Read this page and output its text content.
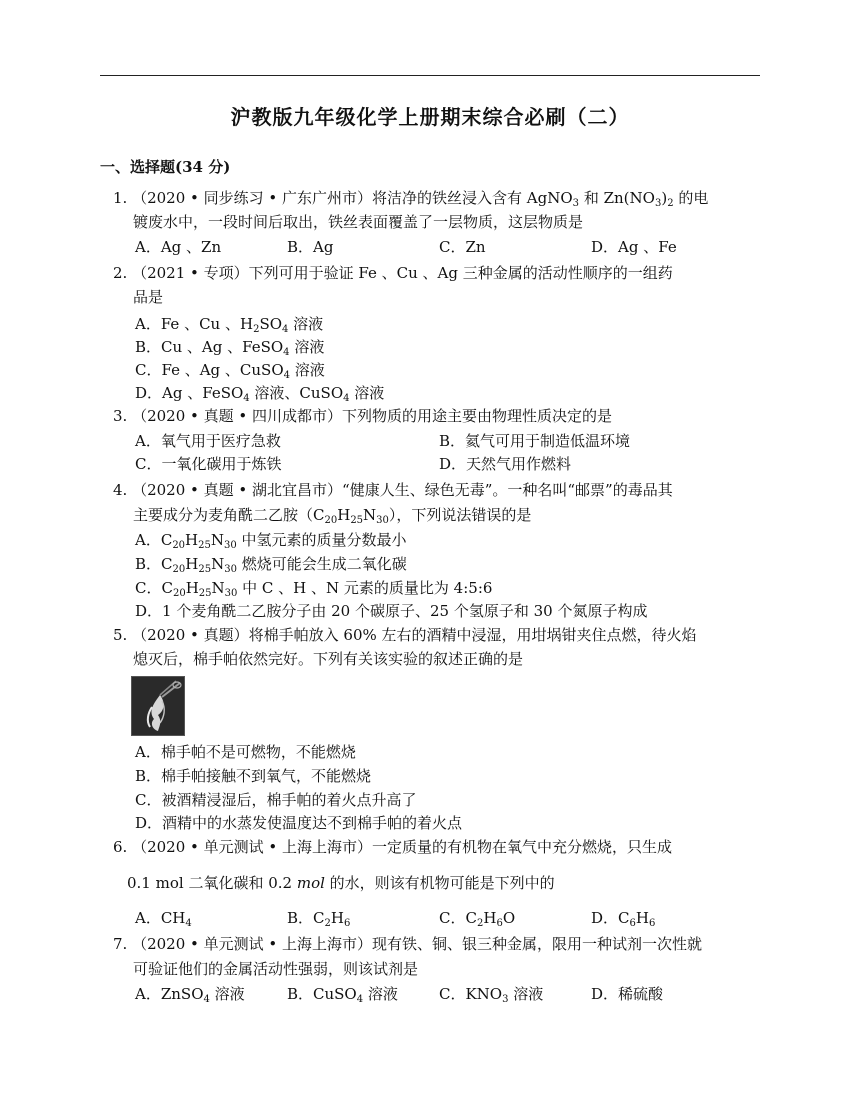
沪教版九年级化学上册期末综合必刷（二）
一、选择题(34 分)
1. （2020 • 同步练习 • 广东广州市）将洁净的铁丝浸入含有 AgNO$_3$ 和 $Zn(NO_3)_2$ 的电
镀废水中，一段时间后取出，铁丝表面覆盖了一层物质，这层物质是
A．Ag 、Zn	B．Ag	C．Zn	D．Ag 、Fe
2. （2021 • 专项）下列可用于验证 Fe 、Cu 、Ag 三种金属的活动性顺序的一组药
品是
A．Fe 、Cu 、$H_2SO_4$ 溶液
B．Cu 、Ag 、FeSO$_4$ 溶液
C．Fe 、Ag 、CuSO$_4$ 溶液
D．Ag 、FeSO$_4$ 溶液、CuSO$_4$ 溶液
3. （2020 • 真题 • 四川成都市）下列物质的用途主要由物理性质决定的是
A．氧气用于医疗急救	B．氦气可用于制造低温环境
C．一氧化碳用于炼铁	D．天然气用作燃料
4. （2020 • 真题 • 湖北宜昌市）“健康人生、绿色无毒”。一种名叫“邮票”的毒品其
主要成分为麦角酰二乙胺$(C_{20}H_{25}N_{30})$，下列说法错误的是
A．$C_{20}H_{25}N_{30}$ 中氢元素的质量分数最小
B．$C_{20}H_{25}N_{30}$ 燃烧可能会生成二氧化碳
C．$C_{20}H_{25}N_{30}$ 中 C 、H 、N 元素的质量比为 4:5:6
D．1 个麦角酰二乙胺分子由 20 个碳原子、25 个氢原子和 30 个氮原子构成
5. （2020 • 真题）将棉手帕放入 60% 左右的酒精中浸湿，用坩埚钳夹住点燃，待火焰
熄灭后，棉手帕依然完好。下列有关该实验的叙述正确的是
A．棉手帕不是可燃物，不能燃烧
B．棉手帕接触不到氧气，不能燃烧
C．被酒精浸湿后，棉手帕的着火点升高了
D．酒精中的水蒸发使温度达不到棉手帕的着火点
6. （2020 • 单元测试 • 上海上海市）一定质量的有机物在氧气中充分燃烧，只生成
0.1 mol 二氧化碳和 0.2 mol 的水，则该有机物可能是下列中的
A．$CH_4$	B．$C_2H_6$	C．$C_2H_6O$	D．$C_6H_6$
7. （2020 • 单元测试 • 上海上海市）现有铁、铜、银三种金属，限用一种试剂一次性就
可验证他们的金属活动性强弱，则该试剂是
A．ZnSO$_4$ 溶液	B．CuSO$_4$ 溶液	C．$KNO_3$ 溶液	D．稀硫酸
